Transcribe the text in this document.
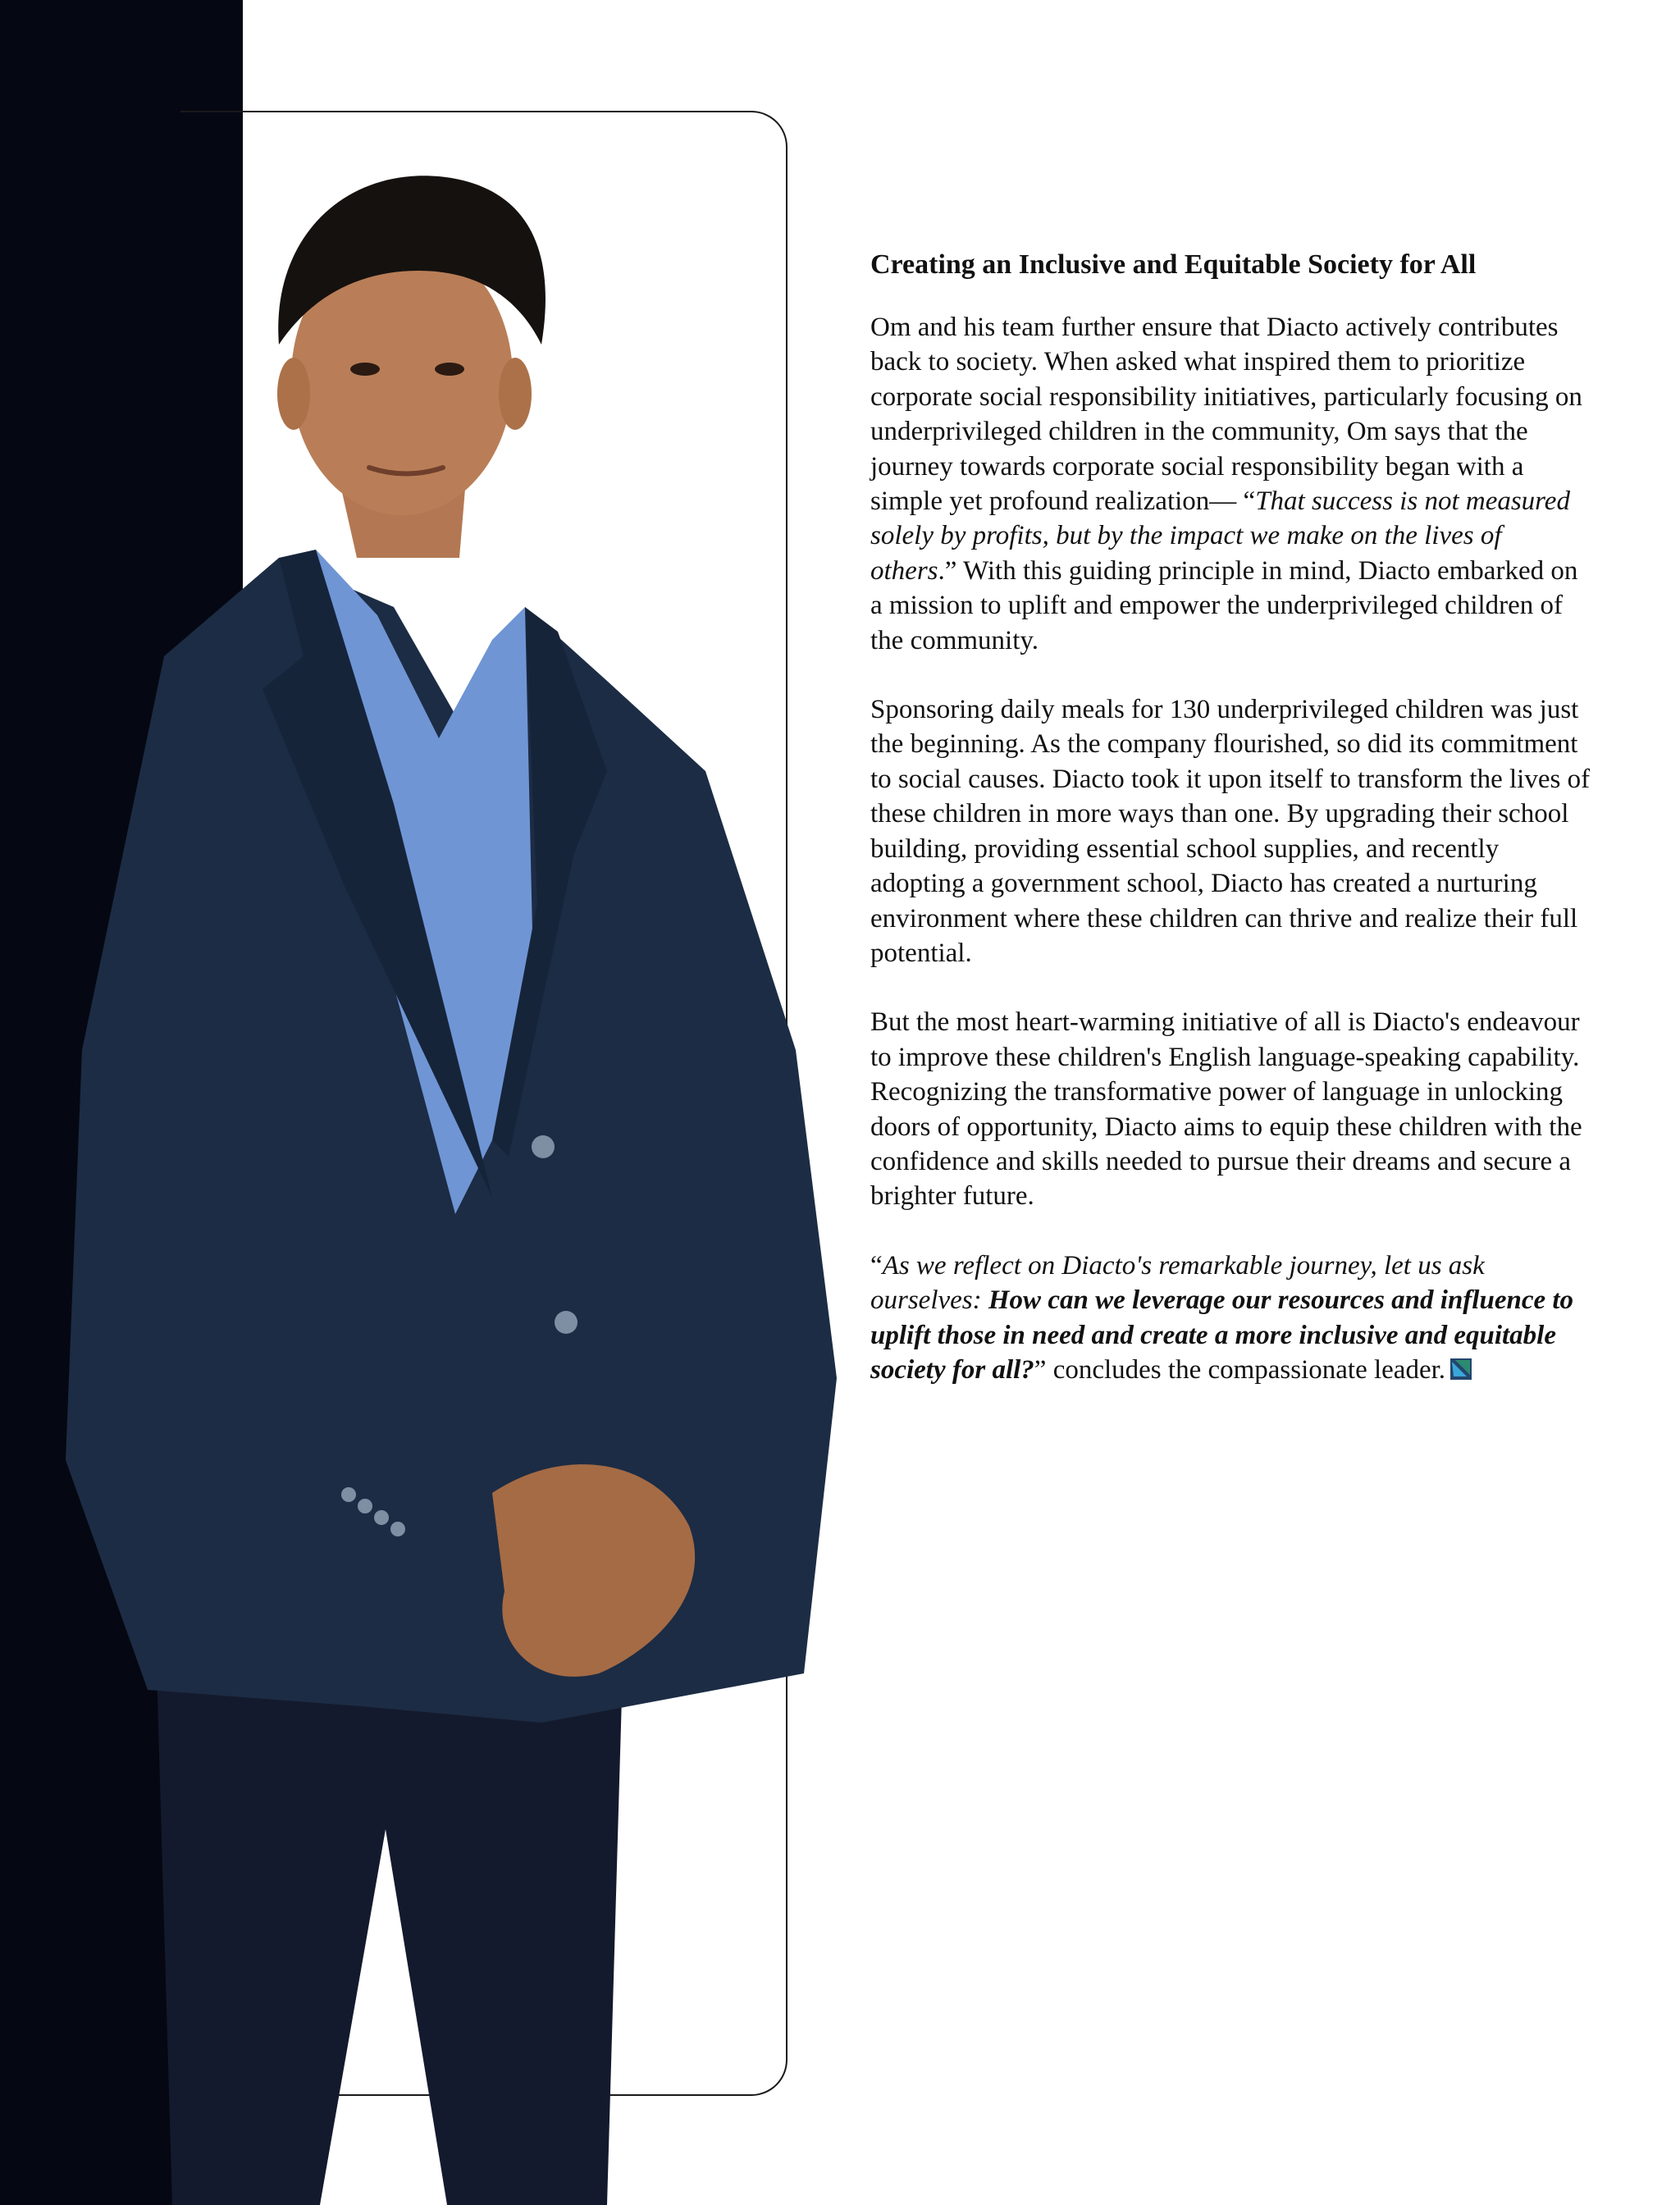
Creating an Inclusive and Equitable Society for All

Om and his team further ensure that Diacto actively contributes back to society. When asked what inspired them to prioritize corporate social responsibility initiatives, particularly focusing on underprivileged children in the community, Om says that the journey towards corporate social responsibility began with a simple yet profound realization— “That success is not measured solely by profits, but by the impact we make on the lives of others.” With this guiding principle in mind, Diacto embarked on a mission to uplift and empower the underprivileged children of the community.

Sponsoring daily meals for 130 underprivileged children was just the beginning. As the company flourished, so did its commitment to social causes. Diacto took it upon itself to transform the lives of these children in more ways than one. By upgrading their school building, providing essential school supplies, and recently adopting a government school, Diacto has created a nurturing environment where these children can thrive and realize their full potential.

But the most heart-warming initiative of all is Diacto's endeavour to improve these children's English language-speaking capability. Recognizing the transformative power of language in unlocking doors of opportunity, Diacto aims to equip these children with the confidence and skills needed to pursue their dreams and secure a brighter future.

“As we reflect on Diacto's remarkable journey, let us ask ourselves: How can we leverage our resources and influence to uplift those in need and create a more inclusive and equitable society for all?” concludes the compassionate leader.
